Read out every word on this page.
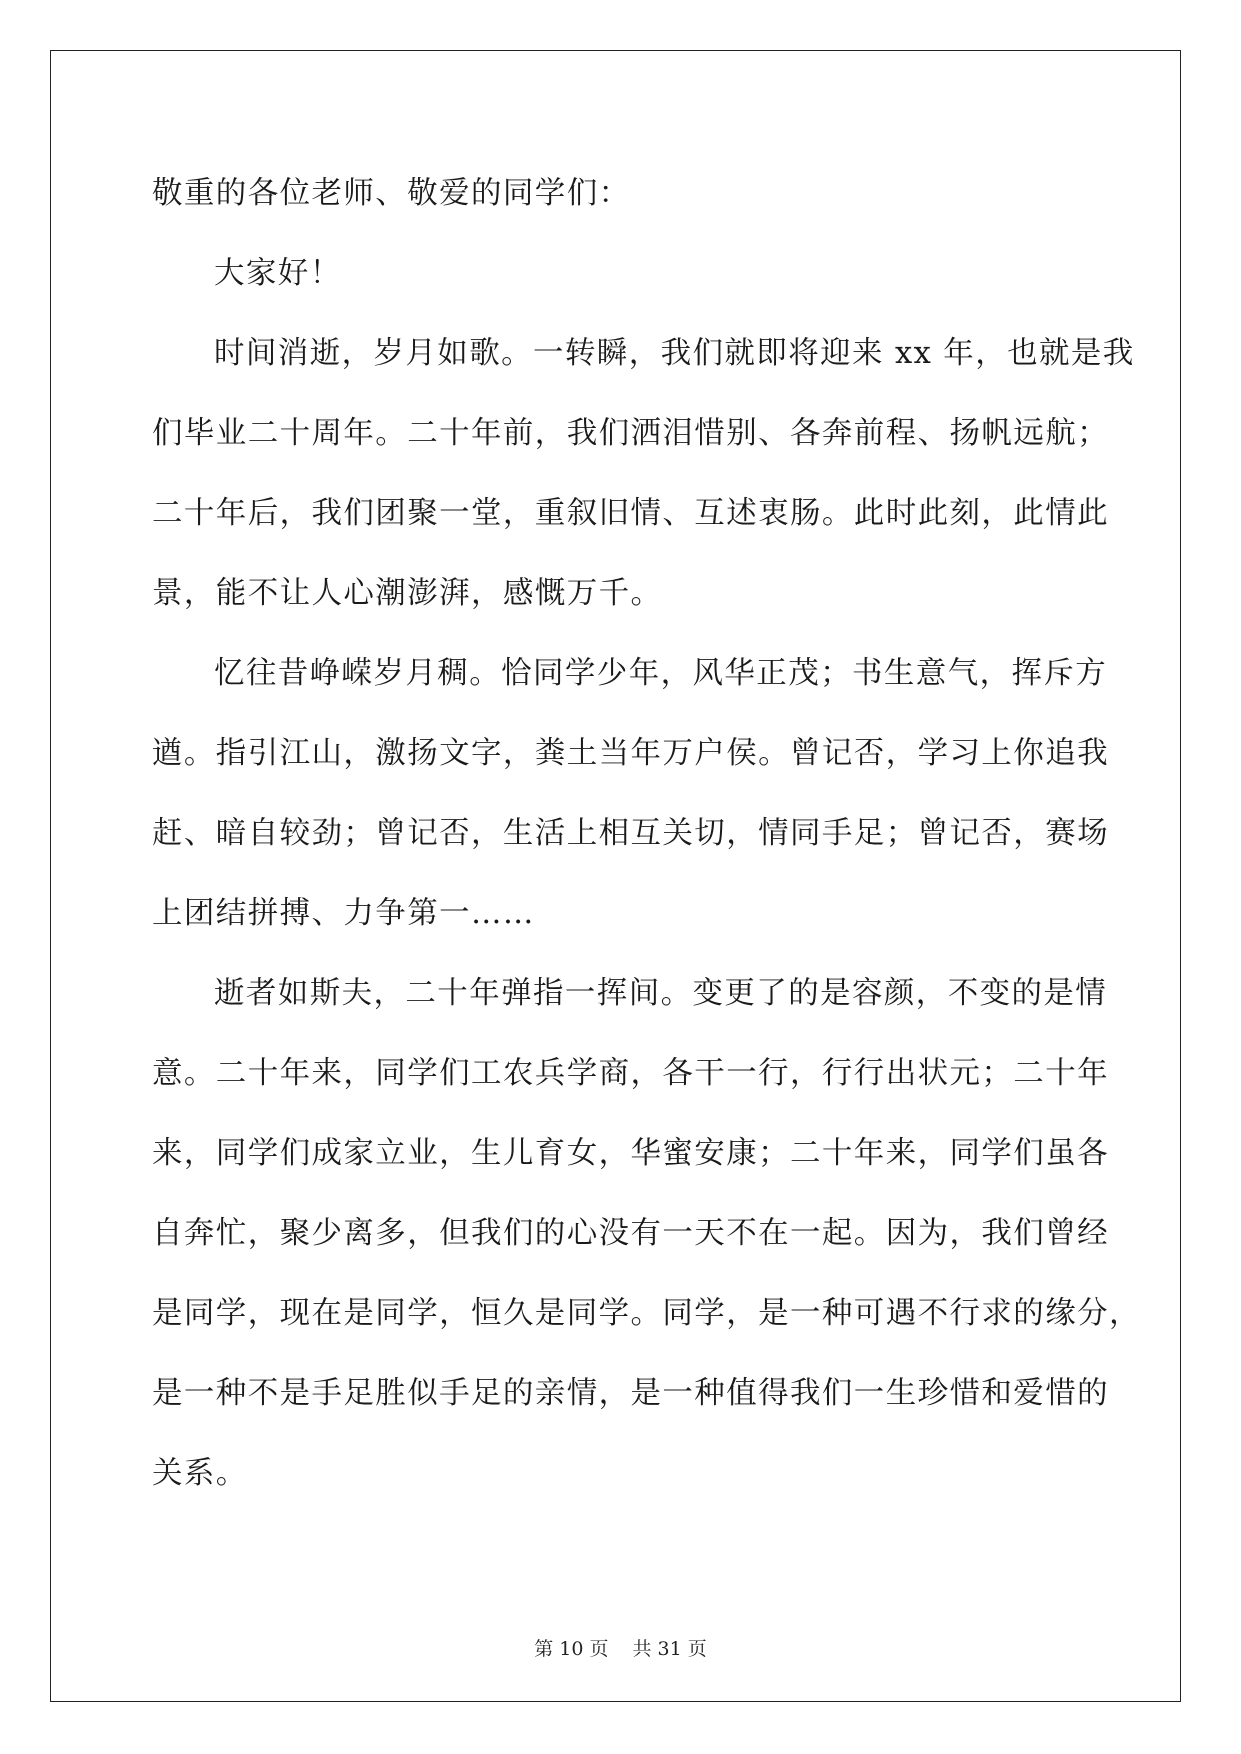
敬重的各位老师、敬爱的同学们：
大家好！
时间消逝，岁月如歌。一转瞬，我们就即将迎来 xx 年，也就是我
们毕业二十周年。二十年前，我们洒泪惜别、各奔前程、扬帆远航；
二十年后，我们团聚一堂，重叙旧情、互述衷肠。此时此刻，此情此
景，能不让人心潮澎湃，感慨万千。
忆往昔峥嵘岁月稠。恰同学少年，风华正茂；书生意气，挥斥方
遒。指引江山，激扬文字，粪土当年万户侯。曾记否，学习上你追我
赶、暗自较劲；曾记否，生活上相互关切，情同手足；曾记否，赛场
上团结拼搏、力争第一……
逝者如斯夫，二十年弹指一挥间。变更了的是容颜，不变的是情
意。二十年来，同学们工农兵学商，各干一行，行行出状元；二十年
来，同学们成家立业，生儿育女，华蜜安康；二十年来，同学们虽各
自奔忙，聚少离多，但我们的心没有一天不在一起。因为，我们曾经
是同学，现在是同学，恒久是同学。同学，是一种可遇不行求的缘分，
是一种不是手足胜似手足的亲情，是一种值得我们一生珍惜和爱惜的
关系。
第 10 页 共 31 页
